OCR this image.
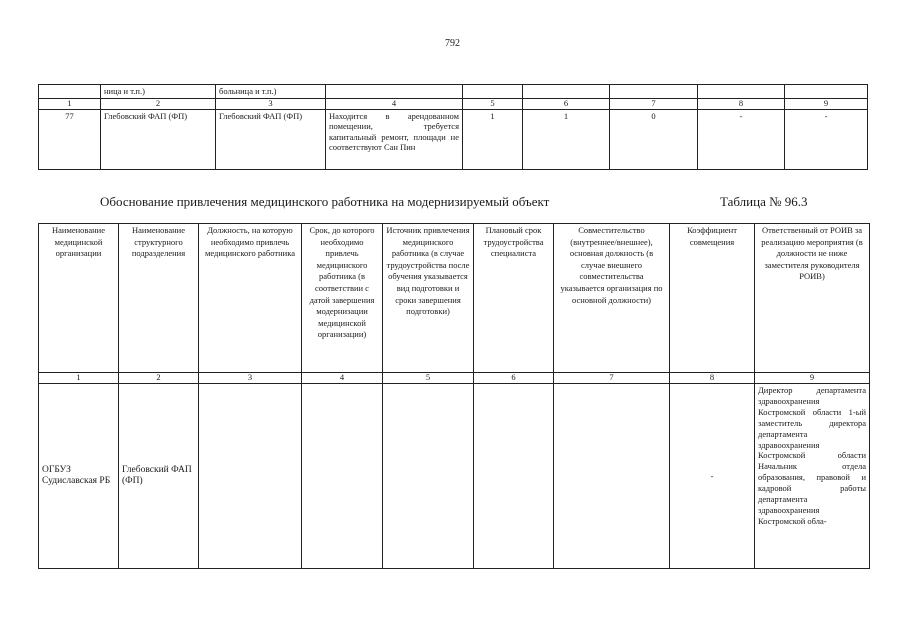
792
	ница и т.п.)	больница и т.п.)						
1	2	3	4	5	6	7	8	9
77	Глебовский ФАП (ФП)	Глебовский ФАП (ФП)	Находится в арендованном помещении, требуется капитальный ремонт, площади не соответствуют Сан Пин	1	1	0	-	-
Обоснование привлечения медицинского работника на модернизируемый объект	Таблица № 96.3
Наименование медицинской организации	Наименование структурного подразделения	Должность, на которую необходимо привлечь медицинского работника	Срок, до которого необходимо привлечь медицинского работника (в соответствии с датой завершения модернизации медицинской организации)	Источник привлечения медицинского работника (в случае трудоустройства после обучения указывается вид подготовки и сроки завершения подготовки)	Плановый срок трудоустройства специалиста	Совместительство (внутреннее/внешнее), основная должность (в случае внешнего совместительства указывается организация по основной должности)	Коэффициент совмещения	Ответственный от РОИВ за реализацию мероприятия (в должности не ниже заместителя руководителя РОИВ)
1	2	3	4	5	6	7	8	9
ОГБУЗ Судиславская РБ	Глебовский ФАП (ФП)						-	Директор департамента здравоохранения Костромской области 1-ый заместитель директора департамента здравоохранения Костромской области Начальник отдела образования, правовой и кадровой работы департамента здравоохранения Костромской обла-
